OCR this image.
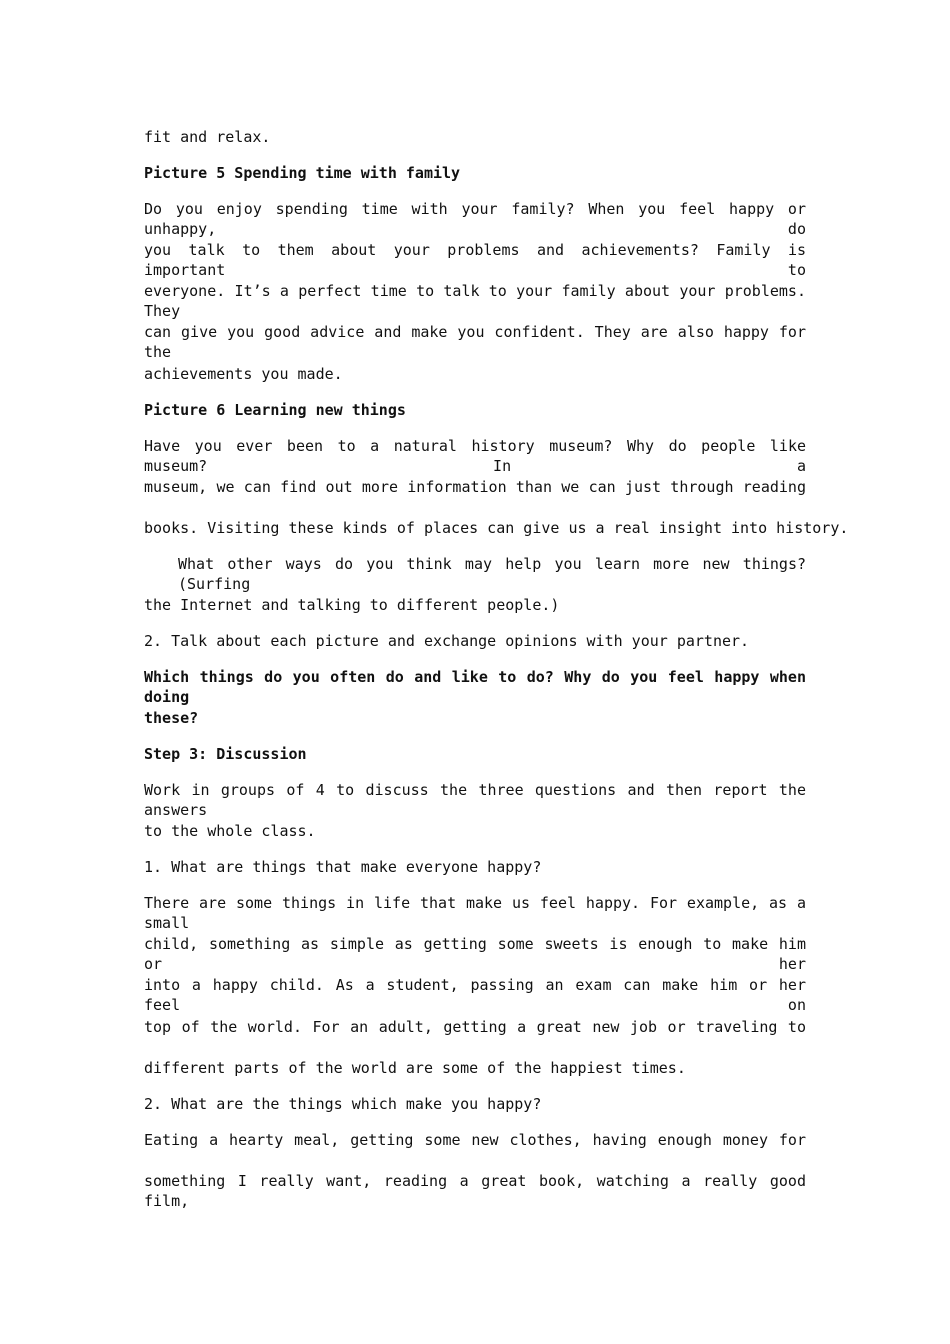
fit and relax.
Picture 5 Spending time with family
Do you enjoy spending time with your family? When you feel happy or unhappy, do
you talk to them about your problems and achievements? Family is important to
everyone. It’s a perfect time to talk to your family about your problems. They
can give you good advice and make you confident. They are also happy for the
achievements you made.
Picture 6 Learning new things
Have you ever been to a natural history museum? Why do people like museum? In a
museum, we can find out more information than we can just through reading
books. Visiting these kinds of places can give us a real insight into history.
What other ways do you think may help you learn more new things? (Surfing
the Internet and talking to different people.)
2. Talk about each picture and exchange opinions with your partner.
Which things do you often do and like to do? Why do you feel happy when doing
these?
Step 3: Discussion
Work in groups of 4 to discuss the three questions and then report the answers
to the whole class.
1. What are things that make everyone happy?
There are some things in life that make us feel happy. For example, as a small
child, something as simple as getting some sweets is enough to make him or her
into a happy child. As a student, passing an exam can make him or her feel on
top of the world. For an adult, getting a great new job or traveling to
different parts of the world are some of the happiest times.
2. What are the things which make you happy?
Eating a hearty meal, getting some new clothes, having enough money for
something I really want, reading a great book, watching a really good film,
